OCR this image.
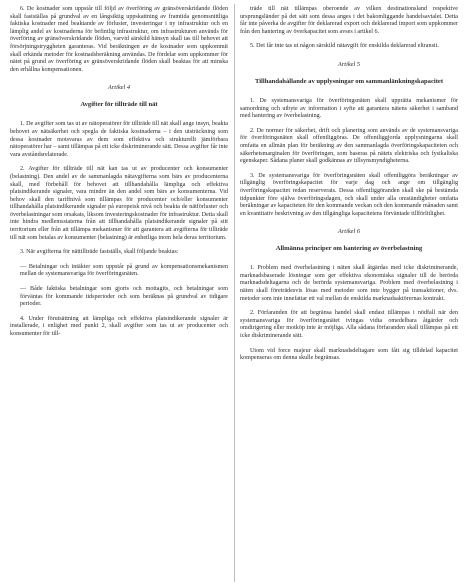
6. De kostnader som uppstår till följd av överföring av gränsöverskridande flöden skall fastställas på grundval av en långsiktig uppskattning av framtida genomsnittliga faktiska kostnader med beaktande av förluster, investeringar i ny infrastruktur och en lämplig andel av kostnaderna för befintlig infrastruktur, om infrastrukturen används för överföring av gränsöverskridande flöden, varvid särskild hänsyn skall tas till behovet att försörjningstryggheten garanteras. Vid beräkningen av de kostnader som uppkommit skall erkända metoder för kostnadsberäkning användas. De fördelar som uppkommer för nätet på grund av överföring av gränsöverskridande flöden skall beaktas för att minska den erhållna kompensationen.

Artikel 4
Avgifter för tillträde till nät

1. De avgifter som tas ut av nätoperatörer för tillträde till nät skall ange insyn, beakta behovet av nätsäkerhet och spegla de faktiska kostnaderna – i den utsträckning som dessa kostnader motsvaras av dem som effektiva och strukturellt jämförbara nätoperatörer har – samt tillämpas på ett icke diskriminerande sätt. Dessa avgifter får inte vara avståndsrelaterade.

2. Avgifter för tillträde till nät kan tas ut av producenter och konsumenter (belastning). Den andel av de sammanlagda nätavgifterna som bärs av producenterna skall, med förbehåll för behovet att tillhandahålla lämpliga och effektiva platsindikerande signaler, vara mindre än den andel som bärs av konsumenterna. Vid behov skall den tariffnivå som tillämpas för producenter och/eller konsumenter tillhandahålla platsindikerande signaler på europeisk nivå och beakta de nätförluster och överbelastningar som orsakats, liksom investeringskostnader för infrastruktur. Detta skall inte hindra medlemsstaterna från att tillhandahålla platsindikerande signaler på sitt territorium eller från att tillämpa mekanismer för att garantera att avgifterna för tillträde till nät som betalas av konsumenter (belastning) är enhetliga inom hela deras territorium.

3. När avgifterna för nättillträde fastställs, skall följande beaktas:

— Betalningar och intäkter som uppstår på grund av kompensationsmekanismen mellan de systemansvariga för överföringsnäten.

— Både faktiska betalningar som gjorts och mottagits, och betalningar som förväntas för kommande tidsperioder och som beräknas på grundval av tidigare perioder.

4. Under förutsättning att lämpliga och effektiva platsindikerande signaler är installerade, i enlighet med punkt 2, skall avgifter som tas ut av producenter och konsumenter för till-

träde till nät tillämpas oberoende av vilken destinationsland respektive ursprungsländer på det sätt som dessa anges i det bakomliggande handelsavtalet. Detta får inte påverka de avgifter för deklarerad export och deklarerad import som uppkommer från den hantering av överkapacitet som avses i artikel 6.

5. Det får inte tas ut någon särskild nätavgift för enskilda deklarerad eltransit.

Artikel 5
Tillhandahållande av upplysningar om sammanlänkningskapacitet

1. De systemansvariga för överföringsnäten skall upprätta mekanismer för samordning och utbyte av information i syfte att garantera nätens säkerhet i samband med hantering av överbelastning.

2. De normer för säkerhet, drift och planering som används av de systemansvariga för överföringsnäten skall offentliggöras. De offentliggjorda upplysningarna skall omfatta en allmän plan för beräkning av den sammanlagda överföringskapaciteten och säkerhetsmarginalen för överföringen, som baseras på nätets elektriska och fysikaliska egenskaper. Sådana planer skall godkännas av tillsynsmyndigheterna.

3. De systemansvariga för överföringsnäten skall offentliggöra beräkningar av tillgänglig överföringskapacitet för varje dag och ange om tillgänglig överföringskapacitet redan reserverats. Dessa offentliggöranden skall ske på bestämda tidpunkter före själva överföringsdagen, och skall under alla omständigheter omfatta beräkningar av kapaciteten för den kommande veckan och den kommande månaden samt en kvantitativ beskrivning av den tillgängliga kapacitetens förväntade tillförlitlighet.

Artikel 6
Allmänna principer om hantering av överbelastning

1. Problem med överbelastning i näten skall åtgärdas med icke diskriminerande, marknadsbaserade lösningar som ger effektiva ekonomiska signaler till de berörda marknadsdeltagarna och de berörda systemansvariga. Problem med överbelastning i näten skall företrädesvis lösas med metoder som inte bygger på transaktioner, dvs. metoder som inte innefattar ett val mellan de enskilda marknadsaktörernas kontrakt.

2. Förfaranden för att begränsa handel skall endast tillämpas i nödfall när den systemansvariga för överföringsnätet tvingas vidta omedelbara åtgärder och omdirigering eller motköp inte är möjliga. Alla sådana förfaranden skall tillämpas på ett icke diskriminerande sätt.

Utom vid force majeur skall marknadsdeltagare som fått sig tilldelad kapacitet kompenseras om denna skulle begränsas.
